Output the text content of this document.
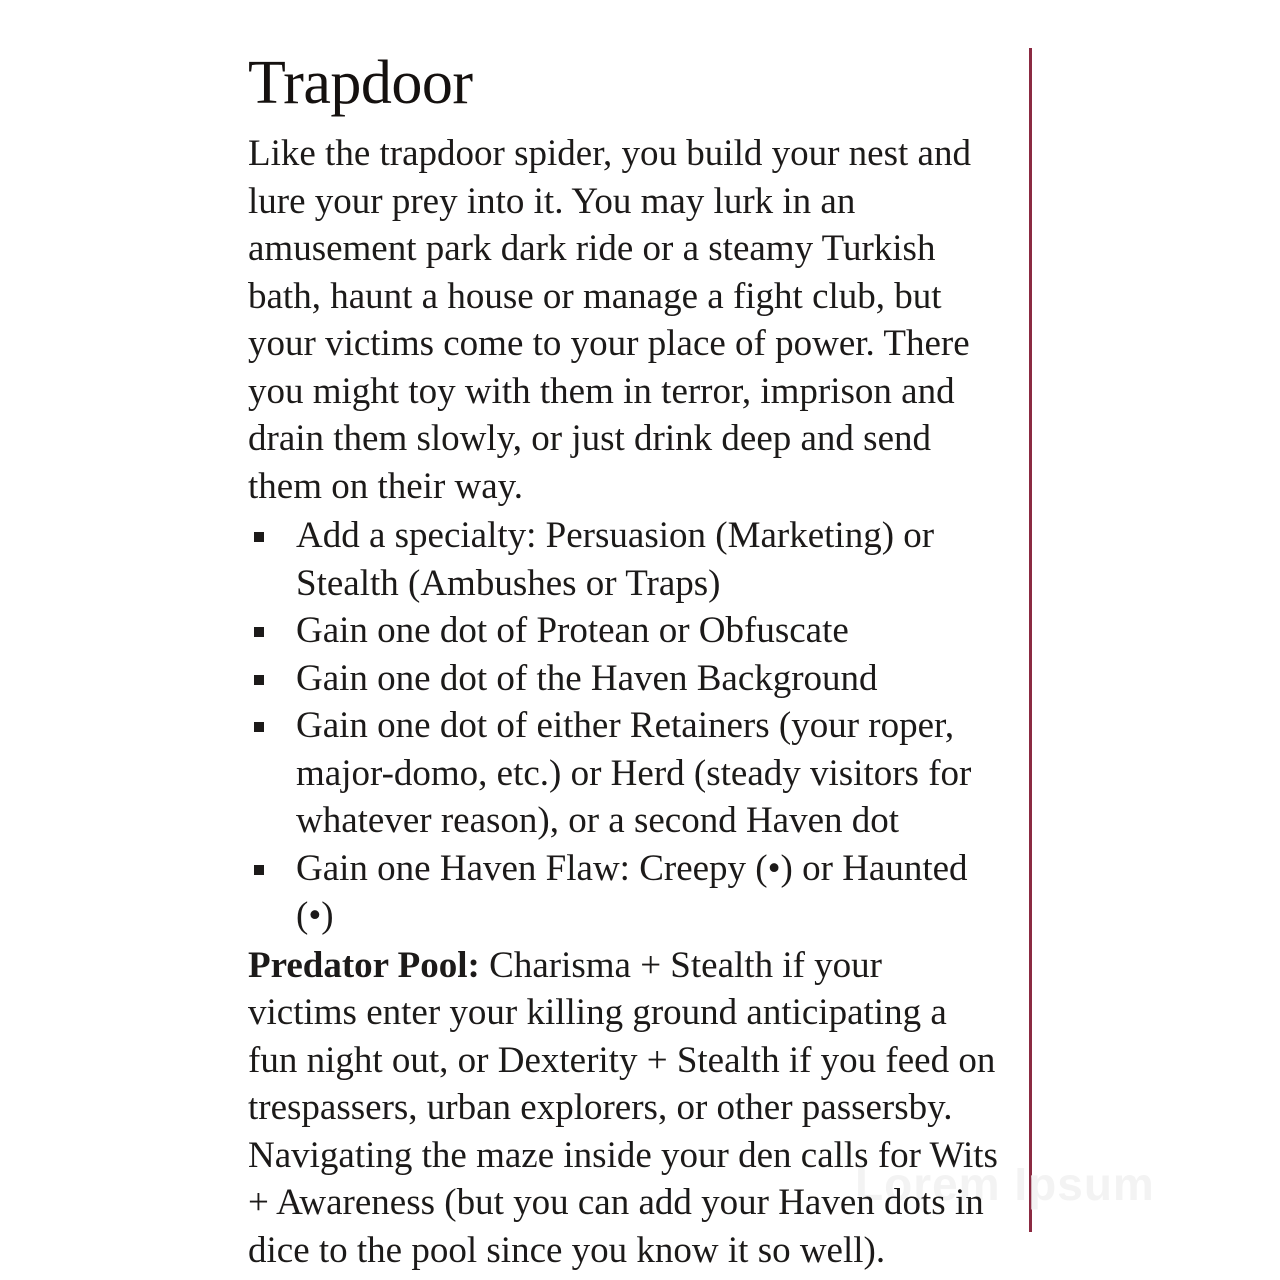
Lorem Ipsum
Trapdoor

Like the trapdoor spider, you build your nest and lure your prey into it. You may lurk in an amusement park dark ride or a steamy Turkish bath, haunt a house or manage a fight club, but your victims come to your place of power. There you might toy with them in terror, imprison and drain them slowly, or just drink deep and send them on their way.

Add a specialty: Persuasion (Marketing) or Stealth (Ambushes or Traps)
Gain one dot of Protean or Obfuscate
Gain one dot of the Haven Background
Gain one dot of either Retainers (your roper, major-domo, etc.) or Herd (steady visitors for whatever reason), or a second Haven dot
Gain one Haven Flaw: Creepy (•) or Haunted (•)

Predator Pool: Charisma + Stealth if your victims enter your killing ground anticipating a fun night out, or Dexterity + Stealth if you feed on trespassers, urban explorers, or other passersby. Navigating the maze inside your den calls for Wits + Awareness (but you can add your Haven dots in dice to the pool since you know it so well).
